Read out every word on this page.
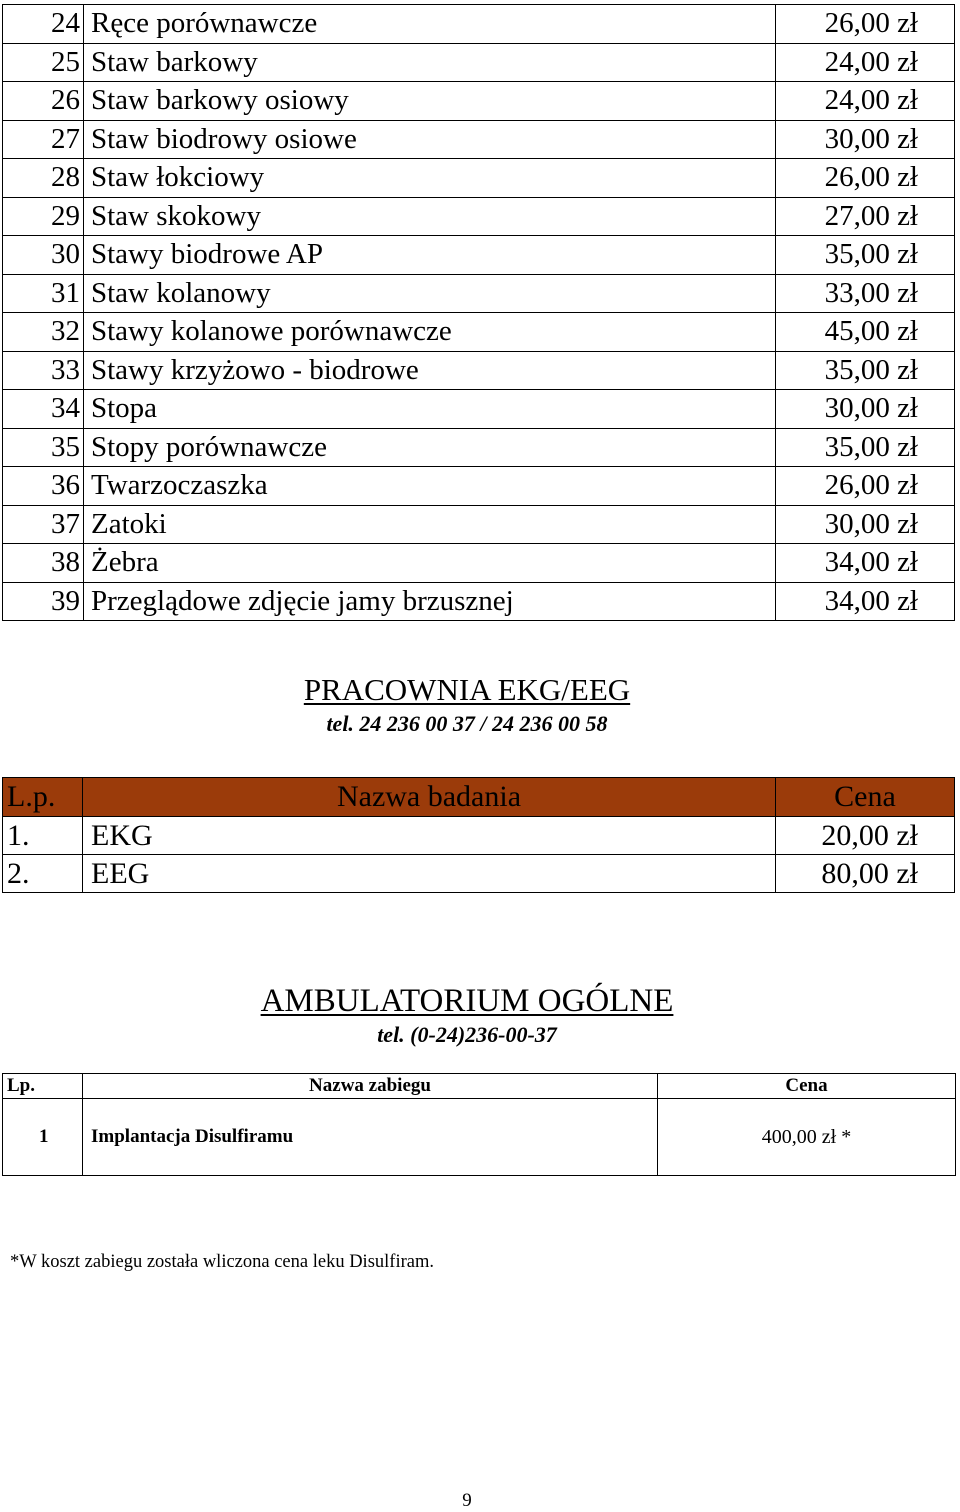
24	Ręce porównawcze	26,00 zł
25	Staw barkowy	24,00 zł
26	Staw barkowy osiowy	24,00 zł
27	Staw biodrowy osiowe	30,00 zł
28	Staw łokciowy	26,00 zł
29	Staw skokowy	27,00 zł
30	Stawy biodrowe AP	35,00 zł
31	Staw kolanowy	33,00 zł
32	Stawy kolanowe porównawcze	45,00 zł
33	Stawy krzyżowo - biodrowe	35,00 zł
34	Stopa	30,00 zł
35	Stopy porównawcze	35,00 zł
36	Twarzoczaszka	26,00 zł
37	Zatoki	30,00 zł
38	Żebra	34,00 zł
39	Przeglądowe zdjęcie jamy brzusznej	34,00 zł
PRACOWNIA EKG/EEG
tel. 24 236 00 37 / 24 236 00 58
L.p.	Nazwa badania	Cena
1.	EKG	20,00 zł
2.	EEG	80,00 zł
AMBULATORIUM OGÓLNE
tel. (0-24)236-00-37
Lp.	Nazwa zabiegu	Cena
1	Implantacja Disulfiramu	400,00 zł *
*W koszt zabiegu została wliczona cena leku Disulfiram.
9
